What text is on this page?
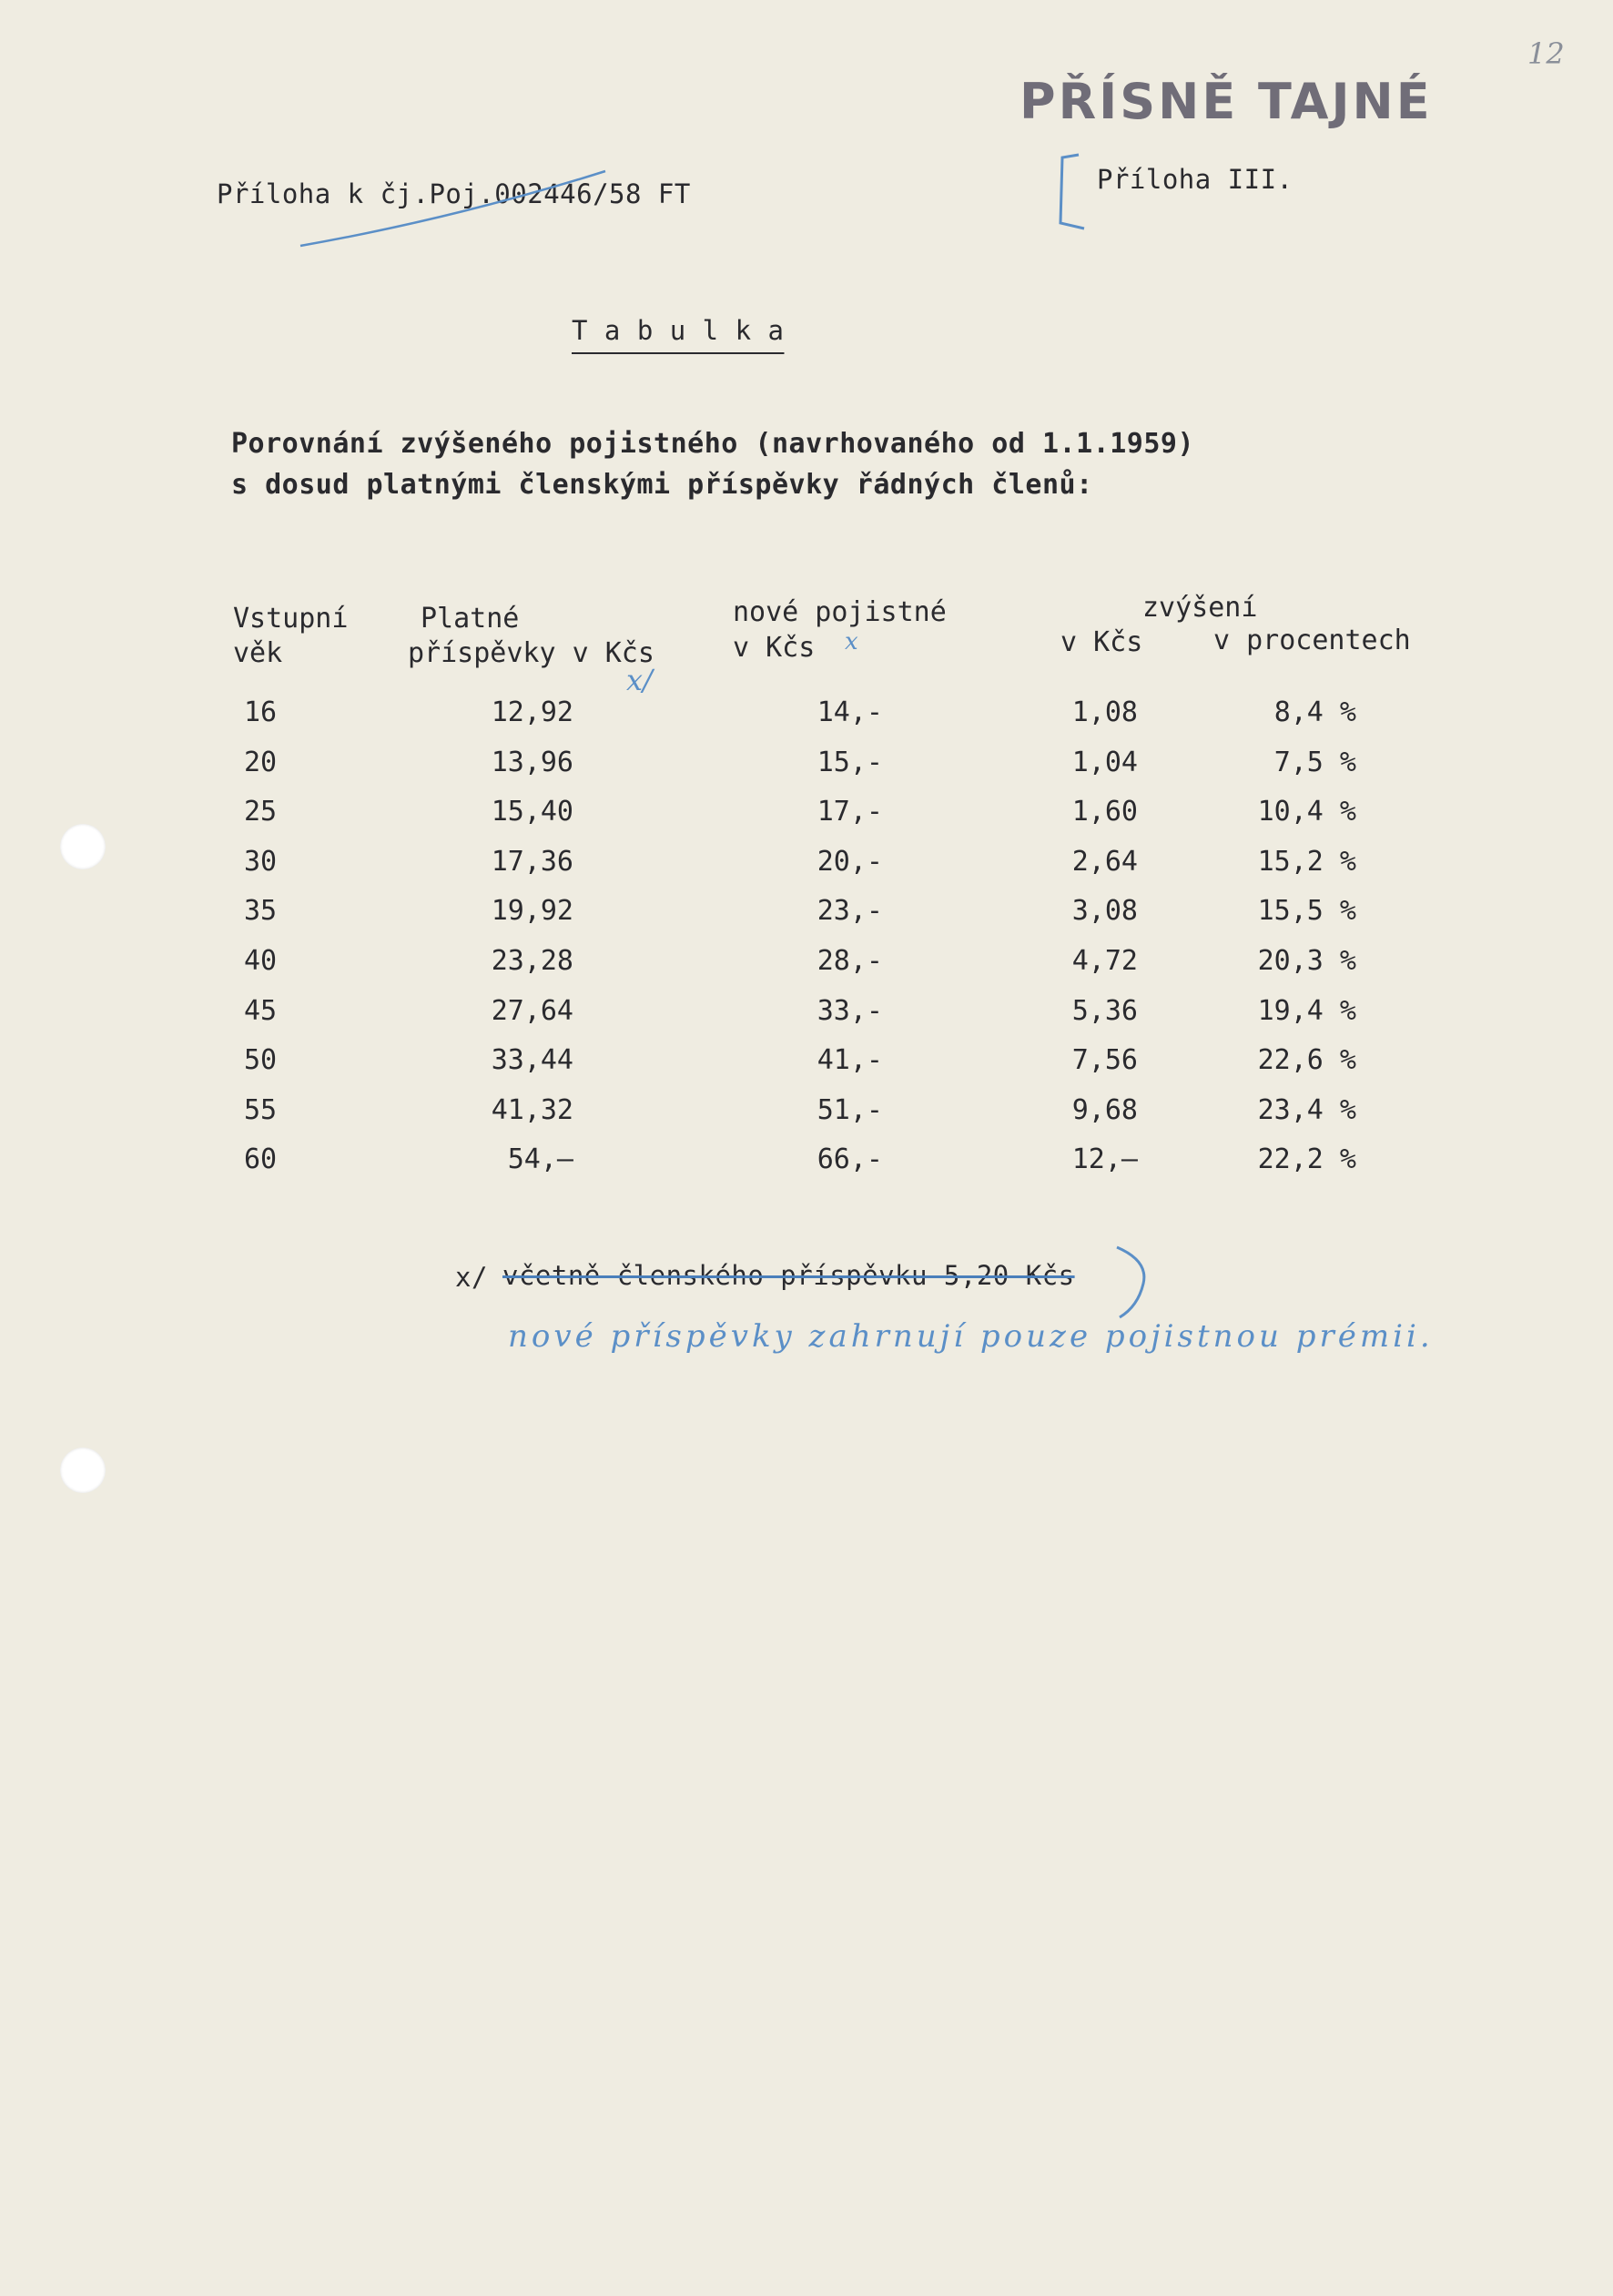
12
PŘÍSNĚ TAJNÉ
Příloha k čj.Poj.002446/58 FT	Příloha III.
T a b u l k a
Porovnání zvýšeného pojistného (navrhovaného od 1.1.1959)
s dosud platnými členskými příspěvky řádných členů:
Vstupní
věk
Platné
příspěvky v Kčs
x/
nové pojistné
v Kčs x
zvýšení
v Kčs	v procentech
16	12,92	14,-	1,08	8,4 %
20	13,96	15,-	1,04	7,5 %
25	15,40	17,-	1,60	10,4 %
30	17,36	20,-	2,64	15,2 %
35	19,92	23,-	3,08	15,5 %
40	23,28	28,-	4,72	20,3 %
45	27,64	33,-	5,36	19,4 %
50	33,44	41,-	7,56	22,6 %
55	41,32	51,-	9,68	23,4 %
60	54,—	66,-	12,—	22,2 %
x/ včetně členského příspěvku 5,20 Kčs
nové příspěvky zahrnují pouze pojistnou prémii.
